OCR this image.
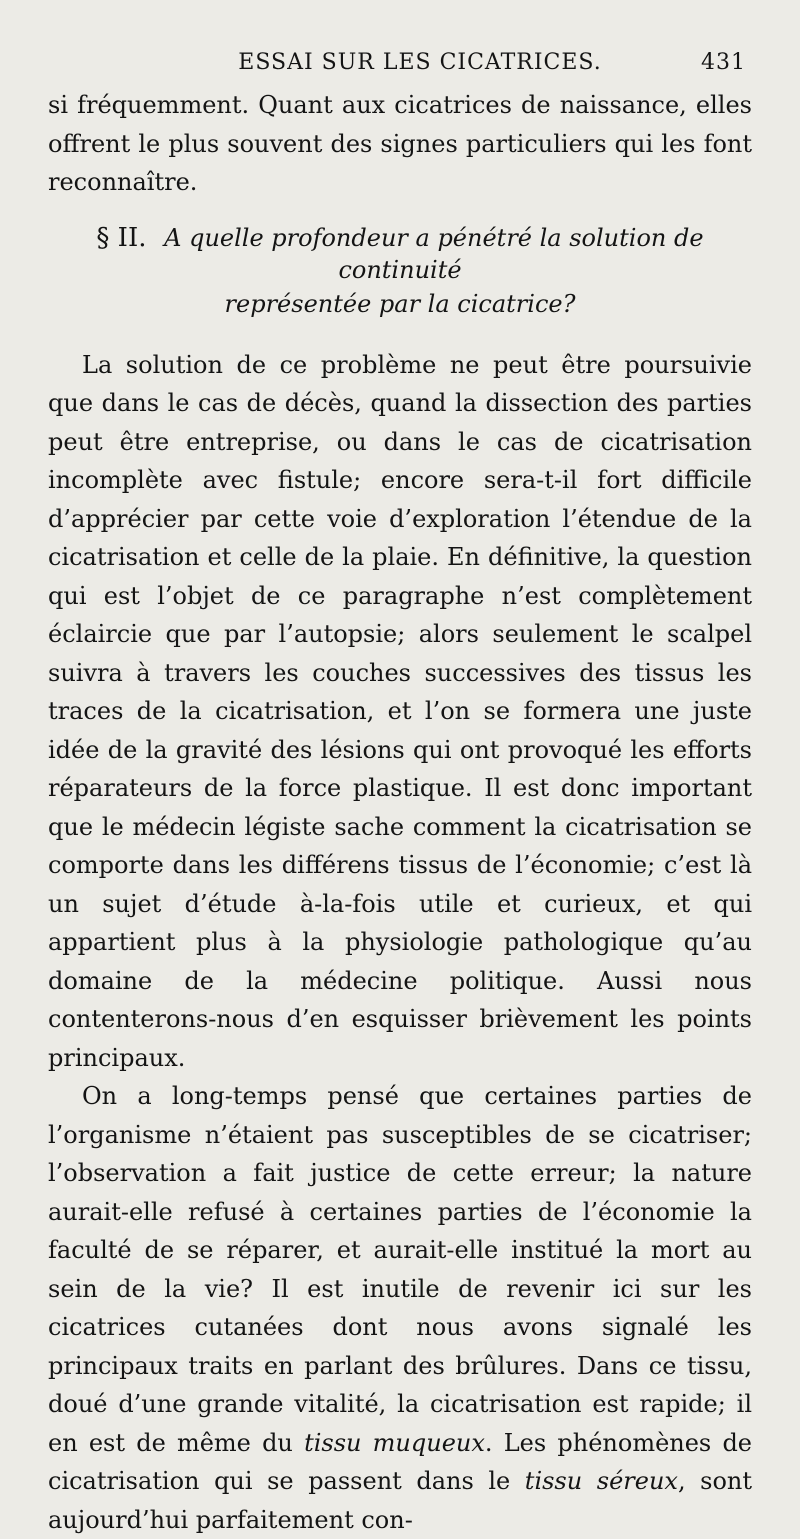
ESSAI SUR LES CICATRICES.	431

si fréquemment. Quant aux cicatrices de naissance, elles offrent le plus souvent des signes particuliers qui les font reconnaître.

§ II. A quelle profondeur a pénétré la solution de continuité
représentée par la cicatrice?

La solution de ce problème ne peut être poursuivie que dans le cas de décès, quand la dissection des parties peut être entreprise, ou dans le cas de cicatrisation incomplète avec fistule; encore sera-t-il fort difficile d’apprécier par cette voie d’exploration l’étendue de la cicatrisation et celle de la plaie. En définitive, la question qui est l’objet de ce paragraphe n’est complètement éclaircie que par l’autopsie; alors seulement le scalpel suivra à travers les couches successives des tissus les traces de la cicatrisation, et l’on se formera une juste idée de la gravité des lésions qui ont provoqué les efforts réparateurs de la force plastique. Il est donc important que le médecin légiste sache comment la cicatrisation se comporte dans les différens tissus de l’économie; c’est là un sujet d’étude à-la-fois utile et curieux, et qui appartient plus à la physiologie pathologique qu’au domaine de la médecine politique. Aussi nous contenterons-nous d’en esquisser brièvement les points principaux.

On a long-temps pensé que certaines parties de l’organisme n’étaient pas susceptibles de se cicatriser; l’observation a fait justice de cette erreur; la nature aurait-elle refusé à certaines parties de l’économie la faculté de se réparer, et aurait-elle institué la mort au sein de la vie? Il est inutile de revenir ici sur les cicatrices cutanées dont nous avons signalé les principaux traits en parlant des brûlures. Dans ce tissu, doué d’une grande vitalité, la cicatrisation est rapide; il en est de même du tissu muqueux. Les phénomènes de cicatrisation qui se passent dans le tissu séreux, sont aujourd’hui parfaitement con-
